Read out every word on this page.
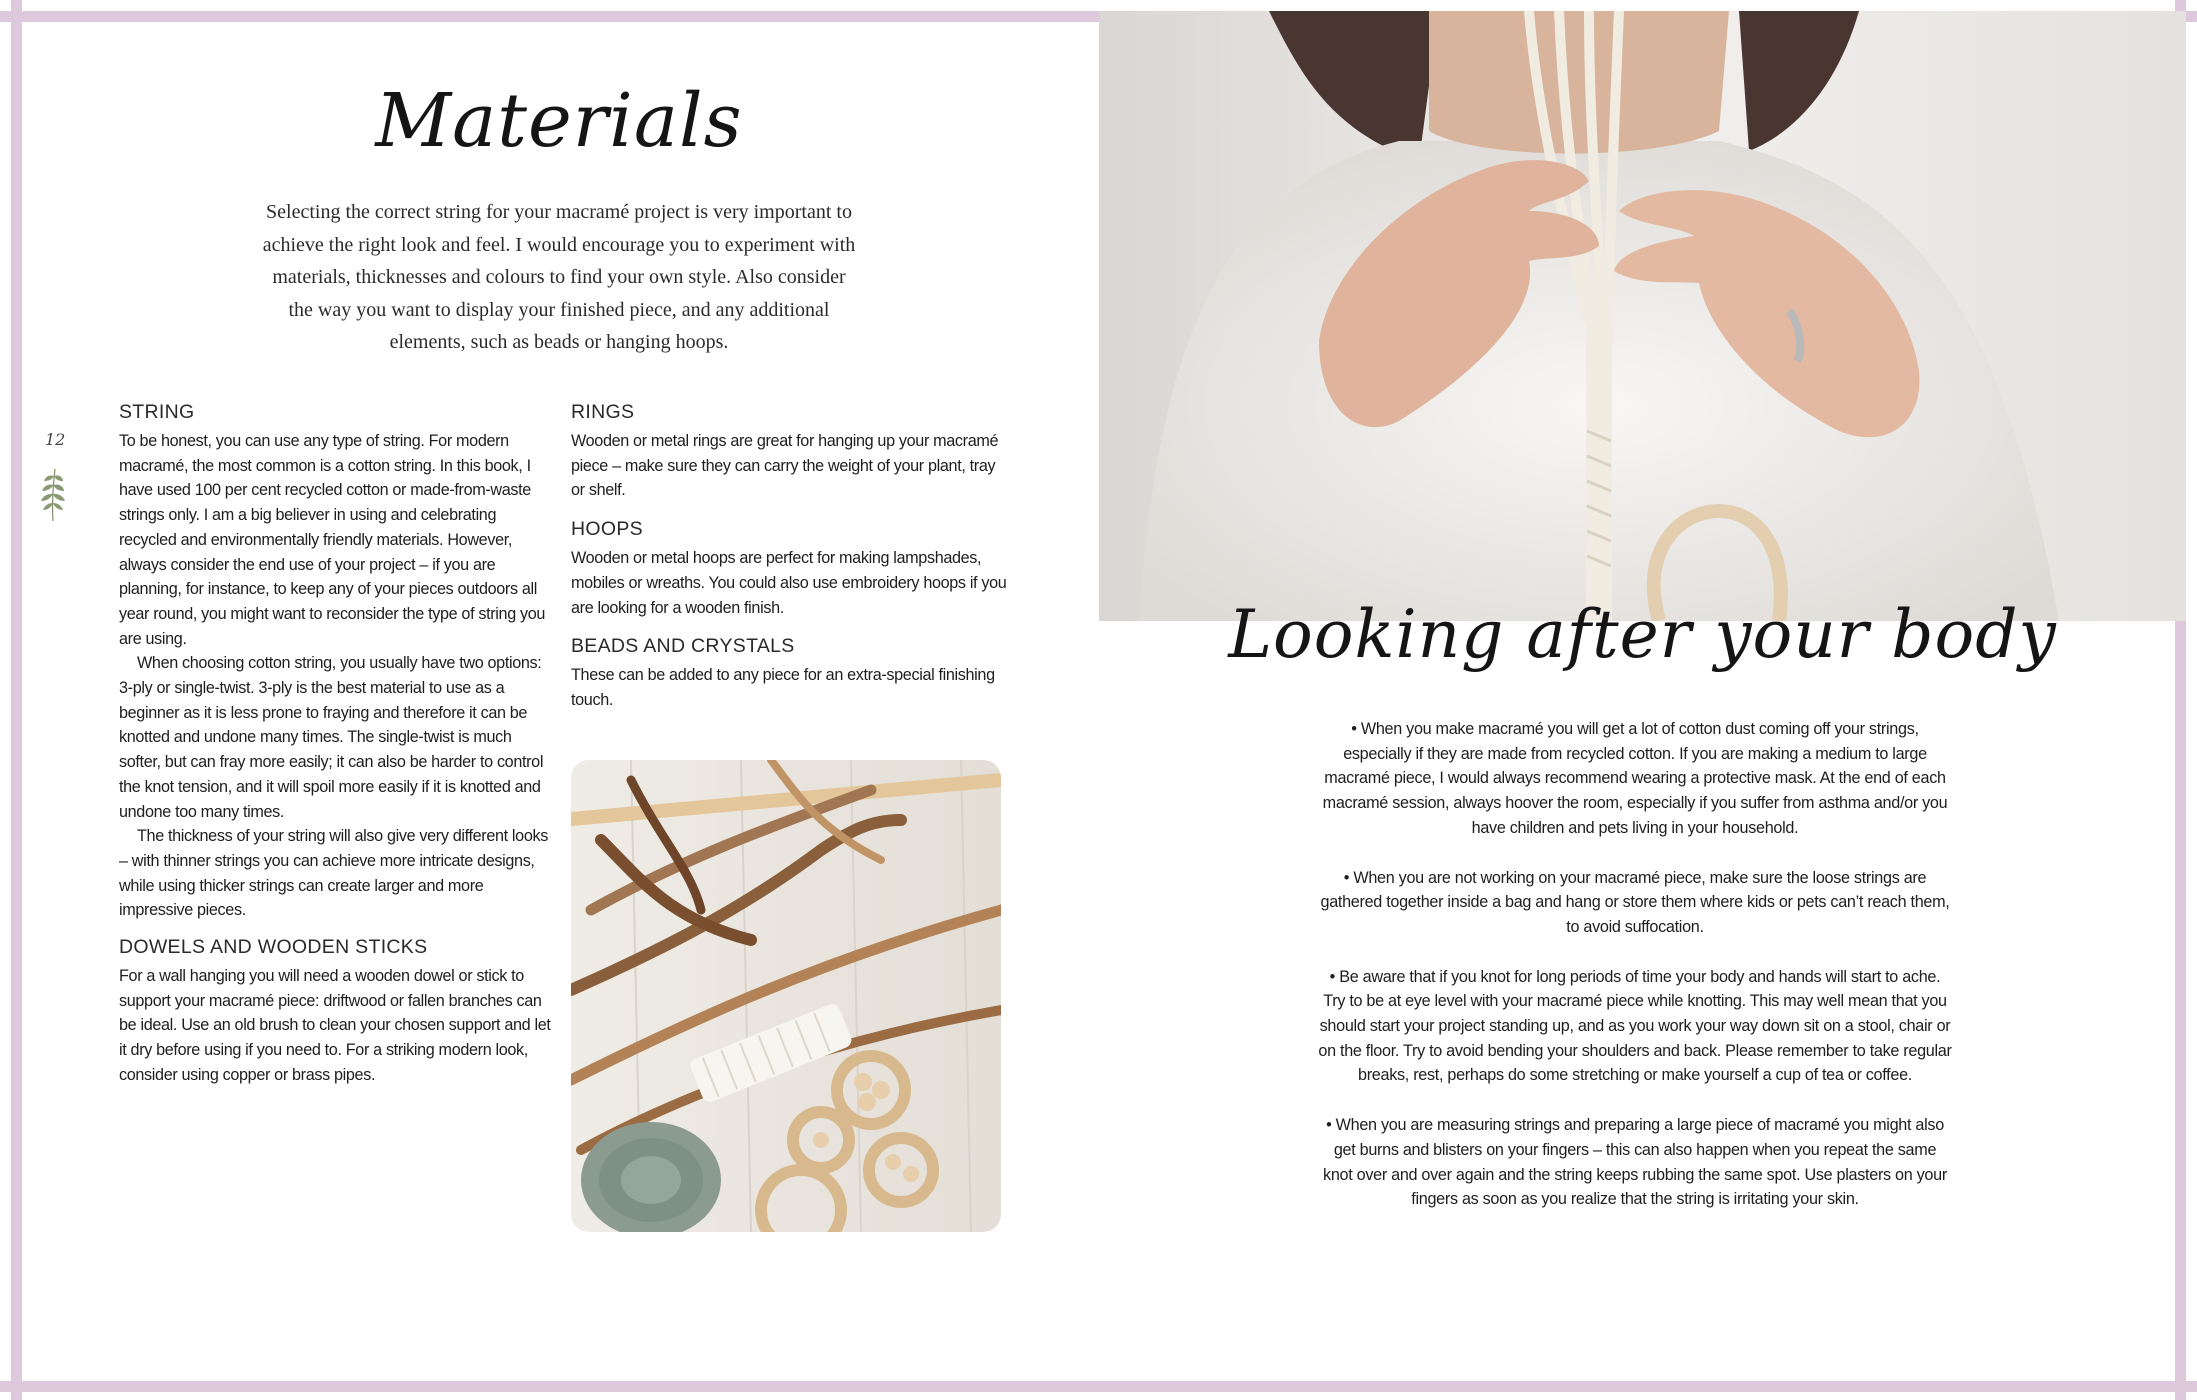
Materials

Selecting the correct string for your macramé project is very important to achieve the right look and feel. I would encourage you to experiment with materials, thicknesses and colours to find your own style. Also consider the way you want to display your finished piece, and any additional elements, such as beads or hanging hoops.

12

STRING

To be honest, you can use any type of string. For modern macramé, the most common is a cotton string. In this book, I have used 100 per cent recycled cotton or made-from-waste strings only. I am a big believer in using and celebrating recycled and environmentally friendly materials. However, always consider the end use of your project – if you are planning, for instance, to keep any of your pieces outdoors all year round, you might want to reconsider the type of string you are using.

When choosing cotton string, you usually have two options: 3-ply or single-twist. 3-ply is the best material to use as a beginner as it is less prone to fraying and therefore it can be knotted and undone many times. The single-twist is much softer, but can fray more easily; it can also be harder to control the knot tension, and it will spoil more easily if it is knotted and undone too many times.

The thickness of your string will also give very different looks – with thinner strings you can achieve more intricate designs, while using thicker strings can create larger and more impressive pieces.

DOWELS AND WOODEN STICKS

For a wall hanging you will need a wooden dowel or stick to support your macramé piece: driftwood or fallen branches can be ideal. Use an old brush to clean your chosen support and let it dry before using if you need to. For a striking modern look, consider using copper or brass pipes.

RINGS

Wooden or metal rings are great for hanging up your macramé piece – make sure they can carry the weight of your plant, tray or shelf.

HOOPS

Wooden or metal hoops are perfect for making lampshades, mobiles or wreaths. You could also use embroidery hoops if you are looking for a wooden finish.

BEADS AND CRYSTALS

These can be added to any piece for an extra-special finishing touch.

Looking after your body

• When you make macramé you will get a lot of cotton dust coming off your strings, especially if they are made from recycled cotton. If you are making a medium to large macramé piece, I would always recommend wearing a protective mask. At the end of each macramé session, always hoover the room, especially if you suffer from asthma and/or you have children and pets living in your household.

• When you are not working on your macramé piece, make sure the loose strings are gathered together inside a bag and hang or store them where kids or pets can’t reach them, to avoid suffocation.

• Be aware that if you knot for long periods of time your body and hands will start to ache. Try to be at eye level with your macramé piece while knotting. This may well mean that you should start your project standing up, and as you work your way down sit on a stool, chair or on the floor. Try to avoid bending your shoulders and back. Please remember to take regular breaks, rest, perhaps do some stretching or make yourself a cup of tea or coffee.

• When you are measuring strings and preparing a large piece of macramé you might also get burns and blisters on your fingers – this can also happen when you repeat the same knot over and over again and the string keeps rubbing the same spot. Use plasters on your fingers as soon as you realize that the string is irritating your skin.
